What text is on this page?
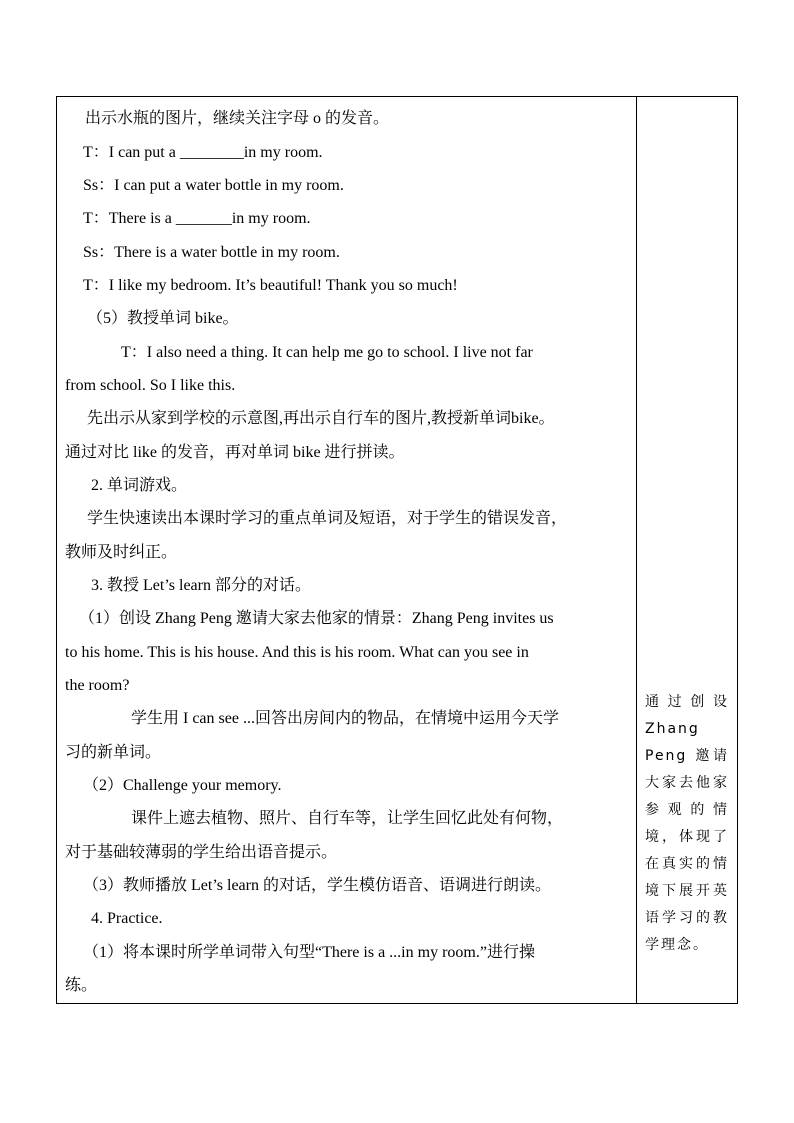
出示水瓶的图片，继续关注字母 o 的发音。
T：I can put a ________in my room.
Ss：I can put a water bottle in my room.
T：There is a _______in my room.
Ss：There is a water bottle in my room.
T：I like my bedroom. It’s beautiful! Thank you so much!
（5）教授单词 bike。
T：I also need a thing. It can help me go to school. I live not far
from school. So I like this.
先出示从家到学校的示意图,再出示自行车的图片,教授新单词bike。
通过对比 like 的发音，再对单词 bike 进行拼读。
2. 单词游戏。
学生快速读出本课时学习的重点单词及短语，对于学生的错误发音，
教师及时纠正。
3. 教授 Let’s learn 部分的对话。
（1）创设 Zhang Peng 邀请大家去他家的情景：Zhang Peng invites us
to his home. This is his house. And this is his room. What can you see in
the room?
学生用 I can see ...回答出房间内的物品，在情境中运用今天学
习的新单词。
（2）Challenge your memory.
课件上遮去植物、照片、自行车等，让学生回忆此处有何物，
对于基础较薄弱的学生给出语音提示。
（3）教师播放 Let’s learn 的对话，学生模仿语音、语调进行朗读。
4. Practice.
（1）将本课时所学单词带入句型“There is a ...in my room.”进行操
练。
通过创设 Zhang Peng 邀请大家去他家参观的情境，体现了在真实的情境下展开英语学习的教学理念。
